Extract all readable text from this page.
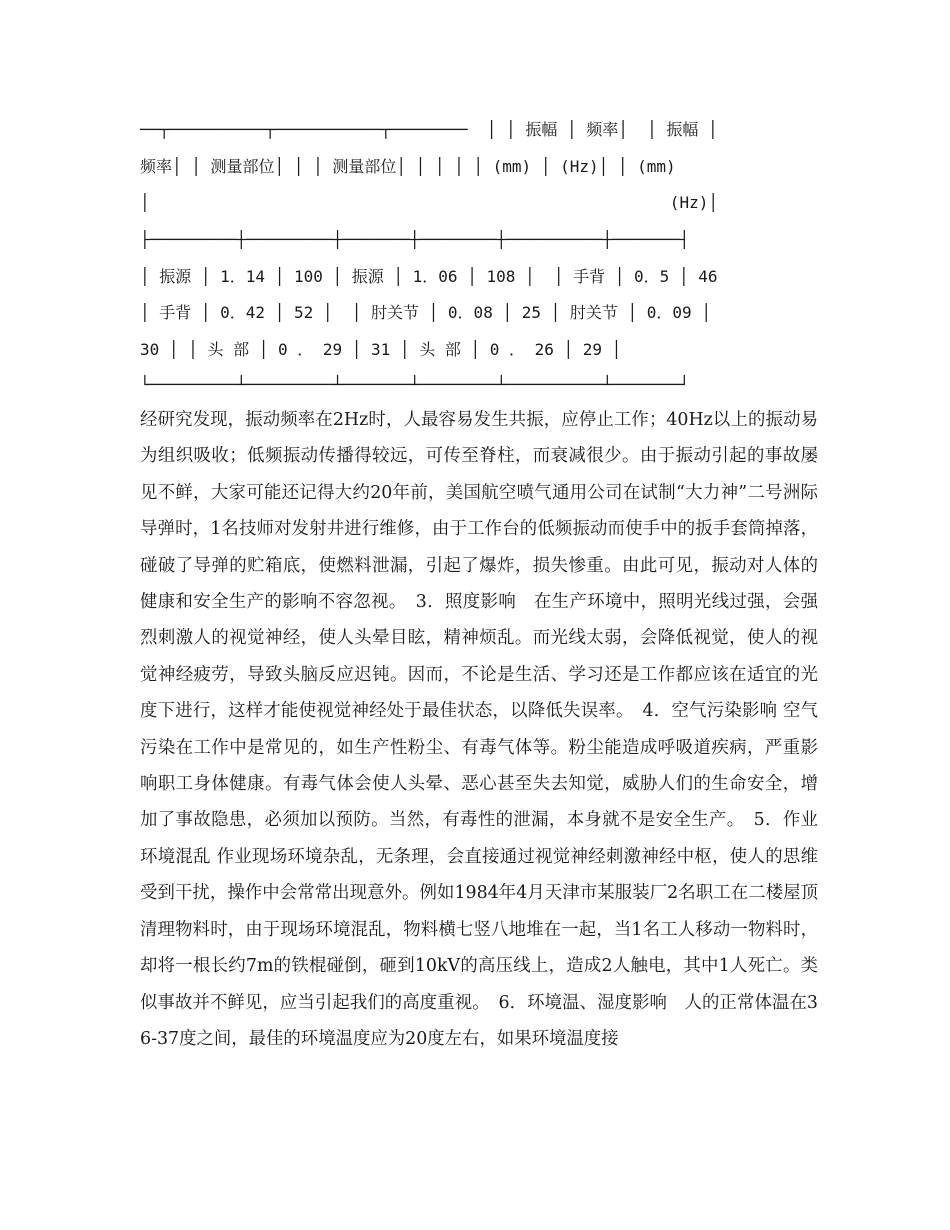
──┬──────────┬───────────┬────────  │ │ 振幅 │ 频率│  │ 振幅 │
频率│ │ 测量部位│ │ │ 测量部位│ │ │ │ │ (mm) │ (Hz)│ │ (mm)
│                                                      (Hz)│
├─────────┼─────────┼───────┼────────┼──────────┼───────┤
│ 振源 │ 1．14 │ 100 │ 振源 │ 1．06 │ 108 │  │ 手背 │ 0．5 │ 46
│ 手背 │ 0．42 │ 52 │  │ 肘关节 │ 0．08 │ 25 │ 肘关节 │ 0．09 │
30 │ │ 头 部 │ 0 ． 29 │ 31 │ 头 部 │ 0 ． 26 │ 29 │
└─────────┴─────────┴───────┴────────┴──────────┴───────┘

经研究发现，振动频率在2Hz时，人最容易发生共振，应停止工作；40Hz以上的振动易为组织吸收；低频振动传播得较远，可传至脊柱，而衰减很少。由于振动引起的事故屡见不鲜，大家可能还记得大约20年前，美国航空喷气通用公司在试制“大力神”二号洲际导弹时，1名技师对发射井进行维修，由于工作台的低频振动而使手中的扳手套筒掉落，碰破了导弹的贮箱底，使燃料泄漏，引起了爆炸，损失惨重。由此可见，振动对人体的健康和安全生产的影响不容忽视。　3．照度影响　在生产环境中，照明光线过强，会强烈刺激人的视觉神经，使人头晕目眩，精神烦乱。而光线太弱，会降低视觉，使人的视觉神经疲劳，导致头脑反应迟钝。因而，不论是生活、学习还是工作都应该在适宜的光度下进行，这样才能使视觉神经处于最佳状态，以降低失误率。　4．空气污染影响 空气污染在工作中是常见的，如生产性粉尘、有毒气体等。粉尘能造成呼吸道疾病，严重影响职工身体健康。有毒气体会使人头晕、恶心甚至失去知觉，威胁人们的生命安全，增加了事故隐患，必须加以预防。当然，有毒性的泄漏，本身就不是安全生产。　5．作业环境混乱 作业现场环境杂乱，无条理，会直接通过视觉神经刺激神经中枢，使人的思维受到干扰，操作中会常常出现意外。例如1984年4月天津市某服装厂2名职工在二楼屋顶清理物料时，由于现场环境混乱，物料横七竖八地堆在一起，当1名工人移动一物料时，却将一根长约7m的铁棍碰倒，砸到10kV的高压线上，造成2人触电，其中1人死亡。类似事故并不鲜见，应当引起我们的高度重视。　6．环境温、湿度影响　人的正常体温在36-37度之间，最佳的环境温度应为20度左右，如果环境温度接
